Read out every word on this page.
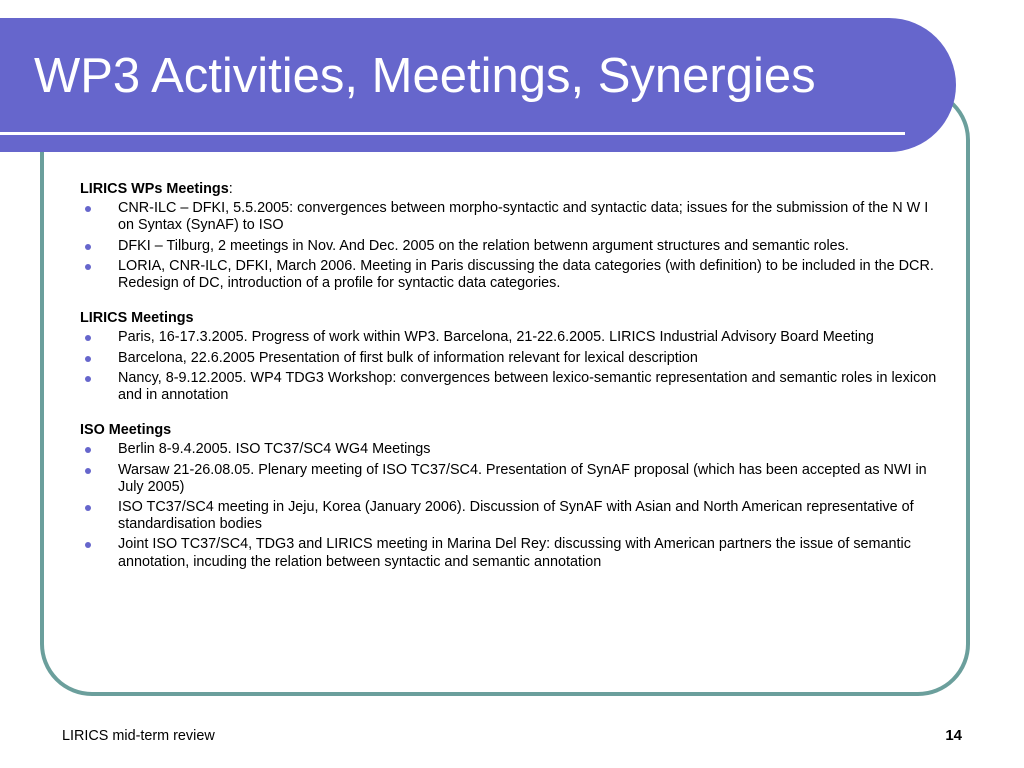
WP3 Activities, Meetings, Synergies

LIRICS WPs Meetings:

CNR-ILC – DFKI, 5.5.2005: convergences between morpho-syntactic and syntactic data; issues for the submission of the N W I on Syntax (SynAF) to ISO
DFKI – Tilburg, 2 meetings in Nov. And Dec. 2005 on the relation betwenn argument structures and semantic roles.
LORIA, CNR-ILC, DFKI, March 2006. Meeting in Paris discussing the data categories (with definition) to be included in the DCR. Redesign of DC, introduction of a profile for syntactic data categories.

LIRICS Meetings

Paris, 16-17.3.2005. Progress of work within WP3. Barcelona, 21-22.6.2005. LIRICS Industrial Advisory Board Meeting
Barcelona, 22.6.2005 Presentation of first bulk of information relevant for lexical description
Nancy, 8-9.12.2005. WP4 TDG3 Workshop: convergences between lexico-semantic representation and semantic roles in lexicon and in annotation

ISO Meetings

Berlin 8-9.4.2005. ISO TC37/SC4 WG4 Meetings
Warsaw 21-26.08.05. Plenary meeting of ISO TC37/SC4. Presentation of SynAF proposal (which has been accepted as NWI in July 2005)
ISO TC37/SC4 meeting in Jeju, Korea (January 2006). Discussion of SynAF with Asian and North American representative of standardisation bodies
Joint ISO TC37/SC4, TDG3 and LIRICS meeting in Marina Del Rey: discussing with American partners the issue of semantic annotation, incuding the relation between syntactic and semantic annotation
LIRICS mid-term review	14
